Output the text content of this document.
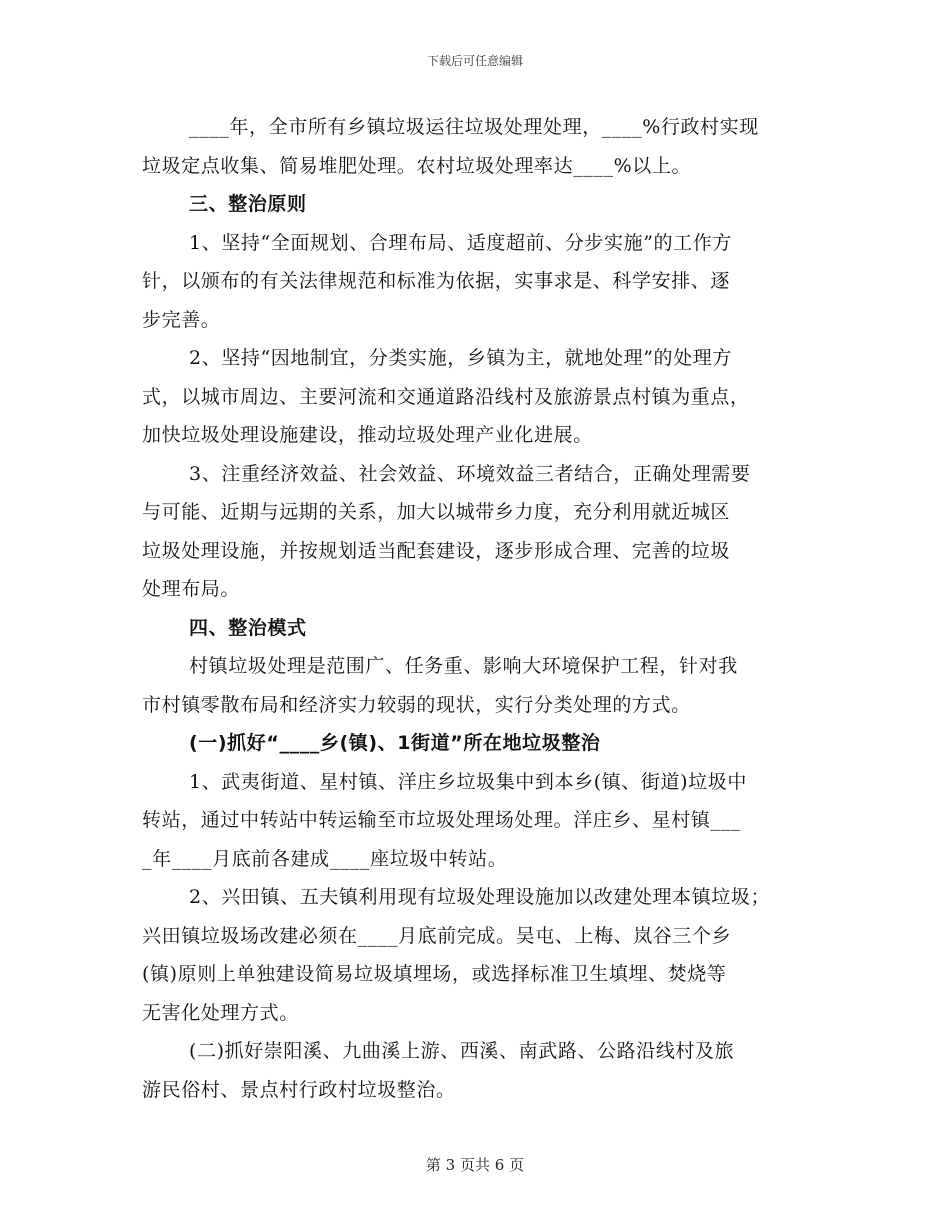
下载后可任意编辑
____年，全市所有乡镇垃圾运往垃圾处理处理，____%行政村实现
垃圾定点收集、简易堆肥处理。农村垃圾处理率达____%以上。
三、整治原则
1、坚持“全面规划、合理布局、适度超前、分步实施”的工作方
针，以颁布的有关法律规范和标准为依据，实事求是、科学安排、逐
步完善。
2、坚持“因地制宜，分类实施，乡镇为主，就地处理”的处理方
式，以城市周边、主要河流和交通道路沿线村及旅游景点村镇为重点，
加快垃圾处理设施建设，推动垃圾处理产业化进展。
3、注重经济效益、社会效益、环境效益三者结合，正确处理需要
与可能、近期与远期的关系，加大以城带乡力度，充分利用就近城区
垃圾处理设施，并按规划适当配套建设，逐步形成合理、完善的垃圾
处理布局。
四、整治模式
村镇垃圾处理是范围广、任务重、影响大环境保护工程，针对我
市村镇零散布局和经济实力较弱的现状，实行分类处理的方式。
(一)抓好“____乡(镇)、1街道”所在地垃圾整治
1、武夷街道、星村镇、洋庄乡垃圾集中到本乡(镇、街道)垃圾中
转站，通过中转站中转运输至市垃圾处理场处理。洋庄乡、星村镇___
_年____月底前各建成____座垃圾中转站。
2、兴田镇、五夫镇利用现有垃圾处理设施加以改建处理本镇垃圾；
兴田镇垃圾场改建必须在____月底前完成。吴屯、上梅、岚谷三个乡
(镇)原则上单独建设简易垃圾填埋场，或选择标准卫生填埋、焚烧等
无害化处理方式。
(二)抓好崇阳溪、九曲溪上游、西溪、南武路、公路沿线村及旅
游民俗村、景点村行政村垃圾整治。
第 3 页共 6 页
